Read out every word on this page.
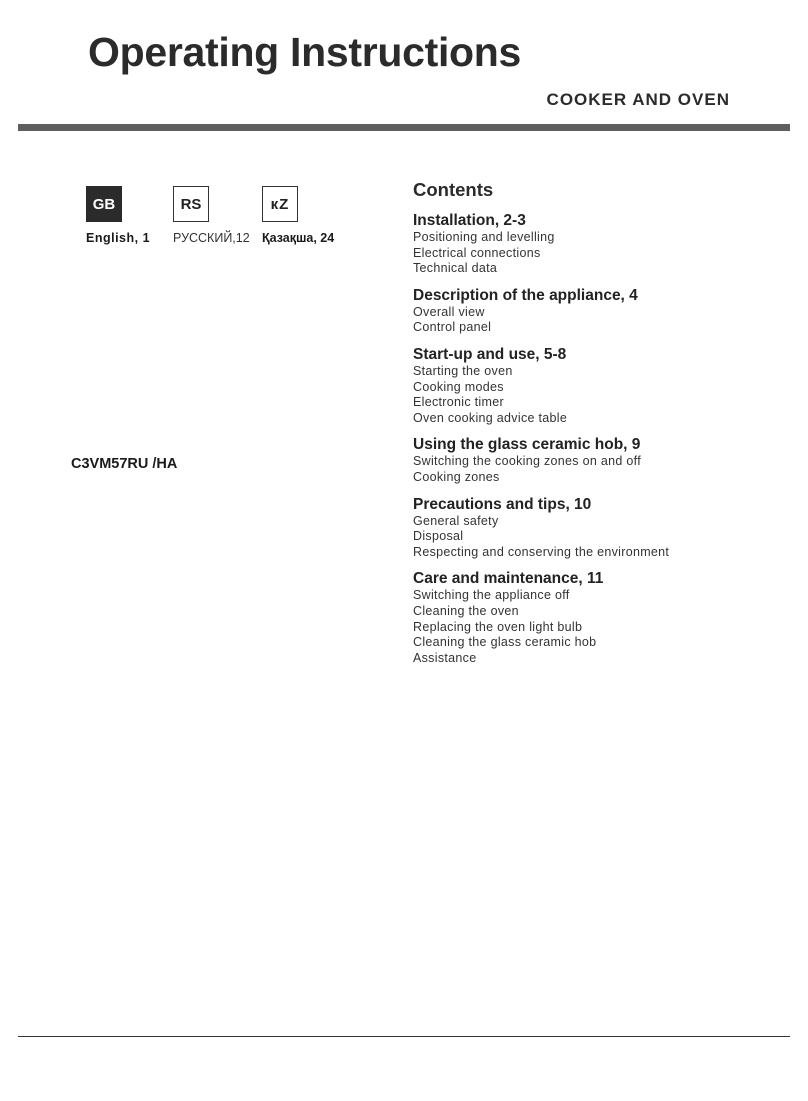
Operating Instructions
COOKER AND OVEN
GB
English, 1
RS
РУССКИЙ,12
к Z
Қазақша, 24
C3VM57RU /HA
Contents
Installation, 2-3
Positioning and levelling
Electrical connections
Technical data
Description of the appliance, 4
Overall view
Control panel
Start-up and use, 5-8
Starting the oven
Cooking modes
Electronic timer
Oven cooking advice table
Using the glass ceramic hob, 9
Switching the cooking zones on and off
Cooking zones
Precautions and tips, 10
General safety
Disposal
Respecting and conserving the environment
Care and maintenance, 11
Switching the appliance off
Cleaning the oven
Replacing the oven light bulb
Cleaning the glass ceramic hob
Assistance
